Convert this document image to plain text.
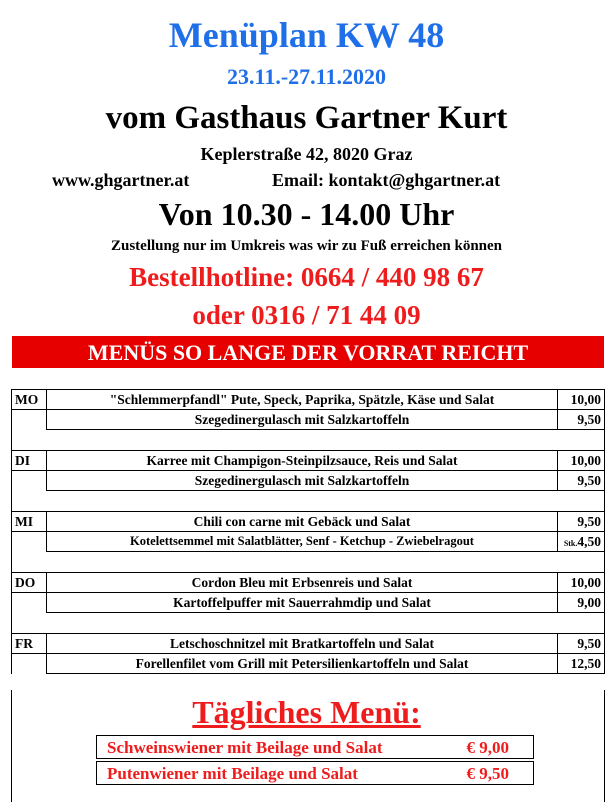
Menüplan KW 48
23.11.-27.11.2020
vom Gasthaus Gartner Kurt
Keplerstraße 42, 8020 Graz
www.ghgartner.at	Email: kontakt@ghgartner.at
Von 10.30 - 14.00 Uhr
Zustellung nur im Umkreis was wir zu Fuß erreichen können
Bestellhotline: 0664 / 440 98 67
oder 0316 / 71 44 09
MENÜS SO LANGE DER VORRAT REICHT
MO	"Schlemmerpfandl" Pute, Speck, Paprika, Spätzle, Käse und Salat	10,00
	Szegedinergulasch mit Salzkartoffeln	9,50

DI	Karree mit Champigon-Steinpilzsauce, Reis und Salat	10,00
	Szegedinergulasch mit Salzkartoffeln	9,50

MI	Chili con carne mit Gebäck und Salat	9,50
	Kotelettsemmel mit Salatblätter, Senf - Ketchup - Zwiebelragout	Stk.4,50

DO	Cordon Bleu mit Erbsenreis und Salat	10,00
	Kartoffelpuffer mit Sauerrahmdip und Salat	9,00

FR	Letschoschnitzel mit Bratkartoffeln und Salat	9,50
	Forellenfilet vom Grill mit Petersilienkartoffeln und Salat	12,50
Tägliches Menü:
Schweinswiener mit Beilage und Salat	€ 9,00
Putenwiener mit Beilage und Salat	€ 9,50
